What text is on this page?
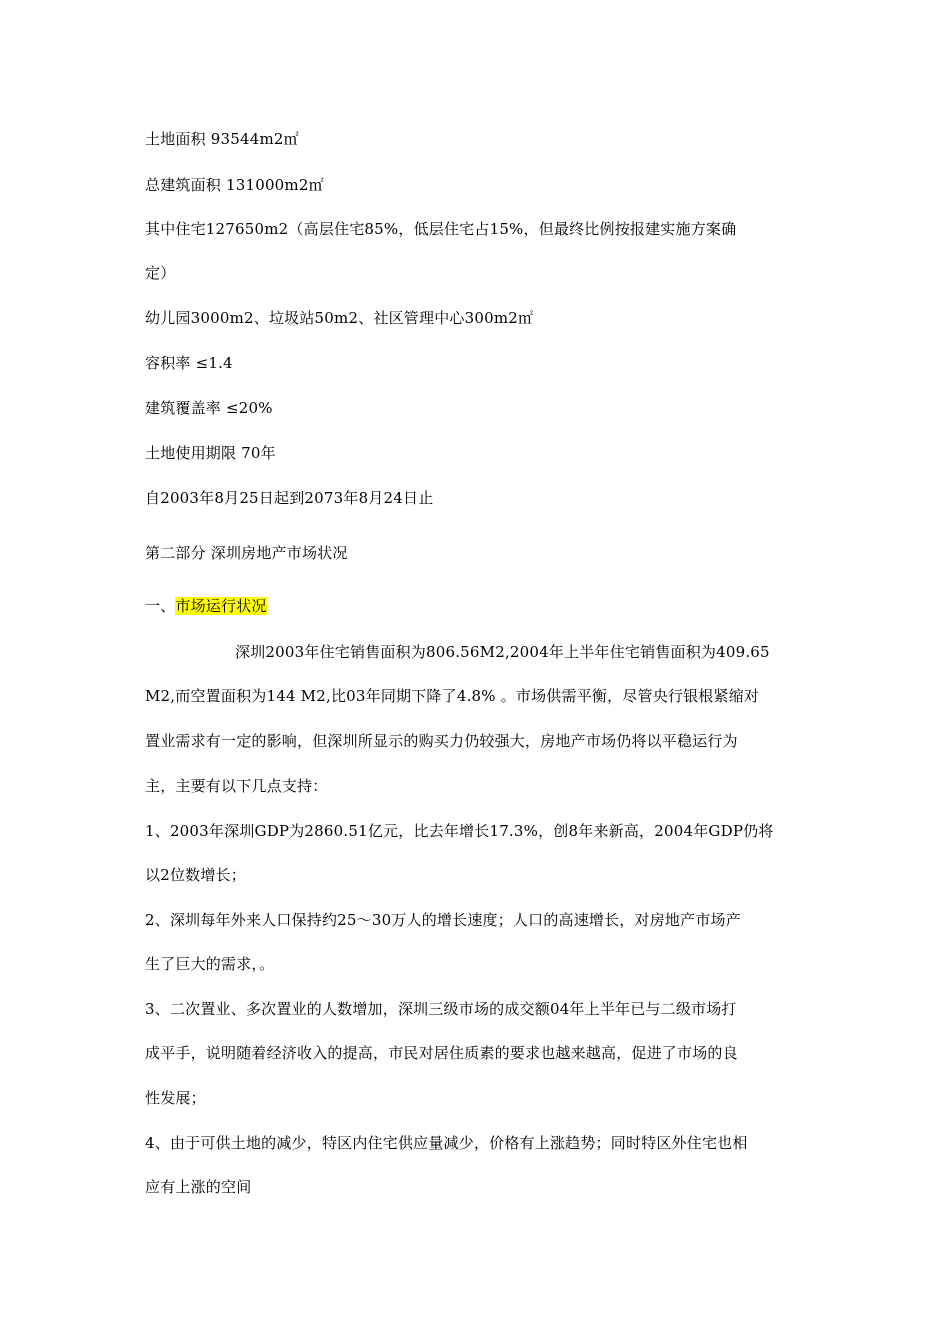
土地面积 93544m2㎡
总建筑面积 131000m2㎡
其中住宅127650m2（高层住宅85%，低层住宅占15%，但最终比例按报建实施方案确
定）
幼儿园3000m2、垃圾站50m2、社区管理中心300m2㎡
容积率 ≤1.4
建筑覆盖率 ≤20%
土地使用期限 70年
自2003年8月25日起到2073年8月24日止
第二部分 深圳房地产市场状况
一、市场运行状况
深圳2003年住宅销售面积为806.56M2,2004年上半年住宅销售面积为409.65
M2,而空置面积为144 M2,比03年同期下降了4.8% 。市场供需平衡，尽管央行银根紧缩对
置业需求有一定的影响，但深圳所显示的购买力仍较强大，房地产市场仍将以平稳运行为
主，主要有以下几点支持：
1、2003年深圳GDP为2860.51亿元，比去年增长17.3%，创8年来新高，2004年GDP仍将
以2位数增长；
2、深圳每年外来人口保持约25～30万人的增长速度；人口的高速增长，对房地产市场产
生了巨大的需求，。
3、二次置业、多次置业的人数增加，深圳三级市场的成交额04年上半年已与二级市场打
成平手，说明随着经济收入的提高，市民对居住质素的要求也越来越高，促进了市场的良
性发展；
4、由于可供土地的减少，特区内住宅供应量减少，价格有上涨趋势；同时特区外住宅也相
应有上涨的空间
